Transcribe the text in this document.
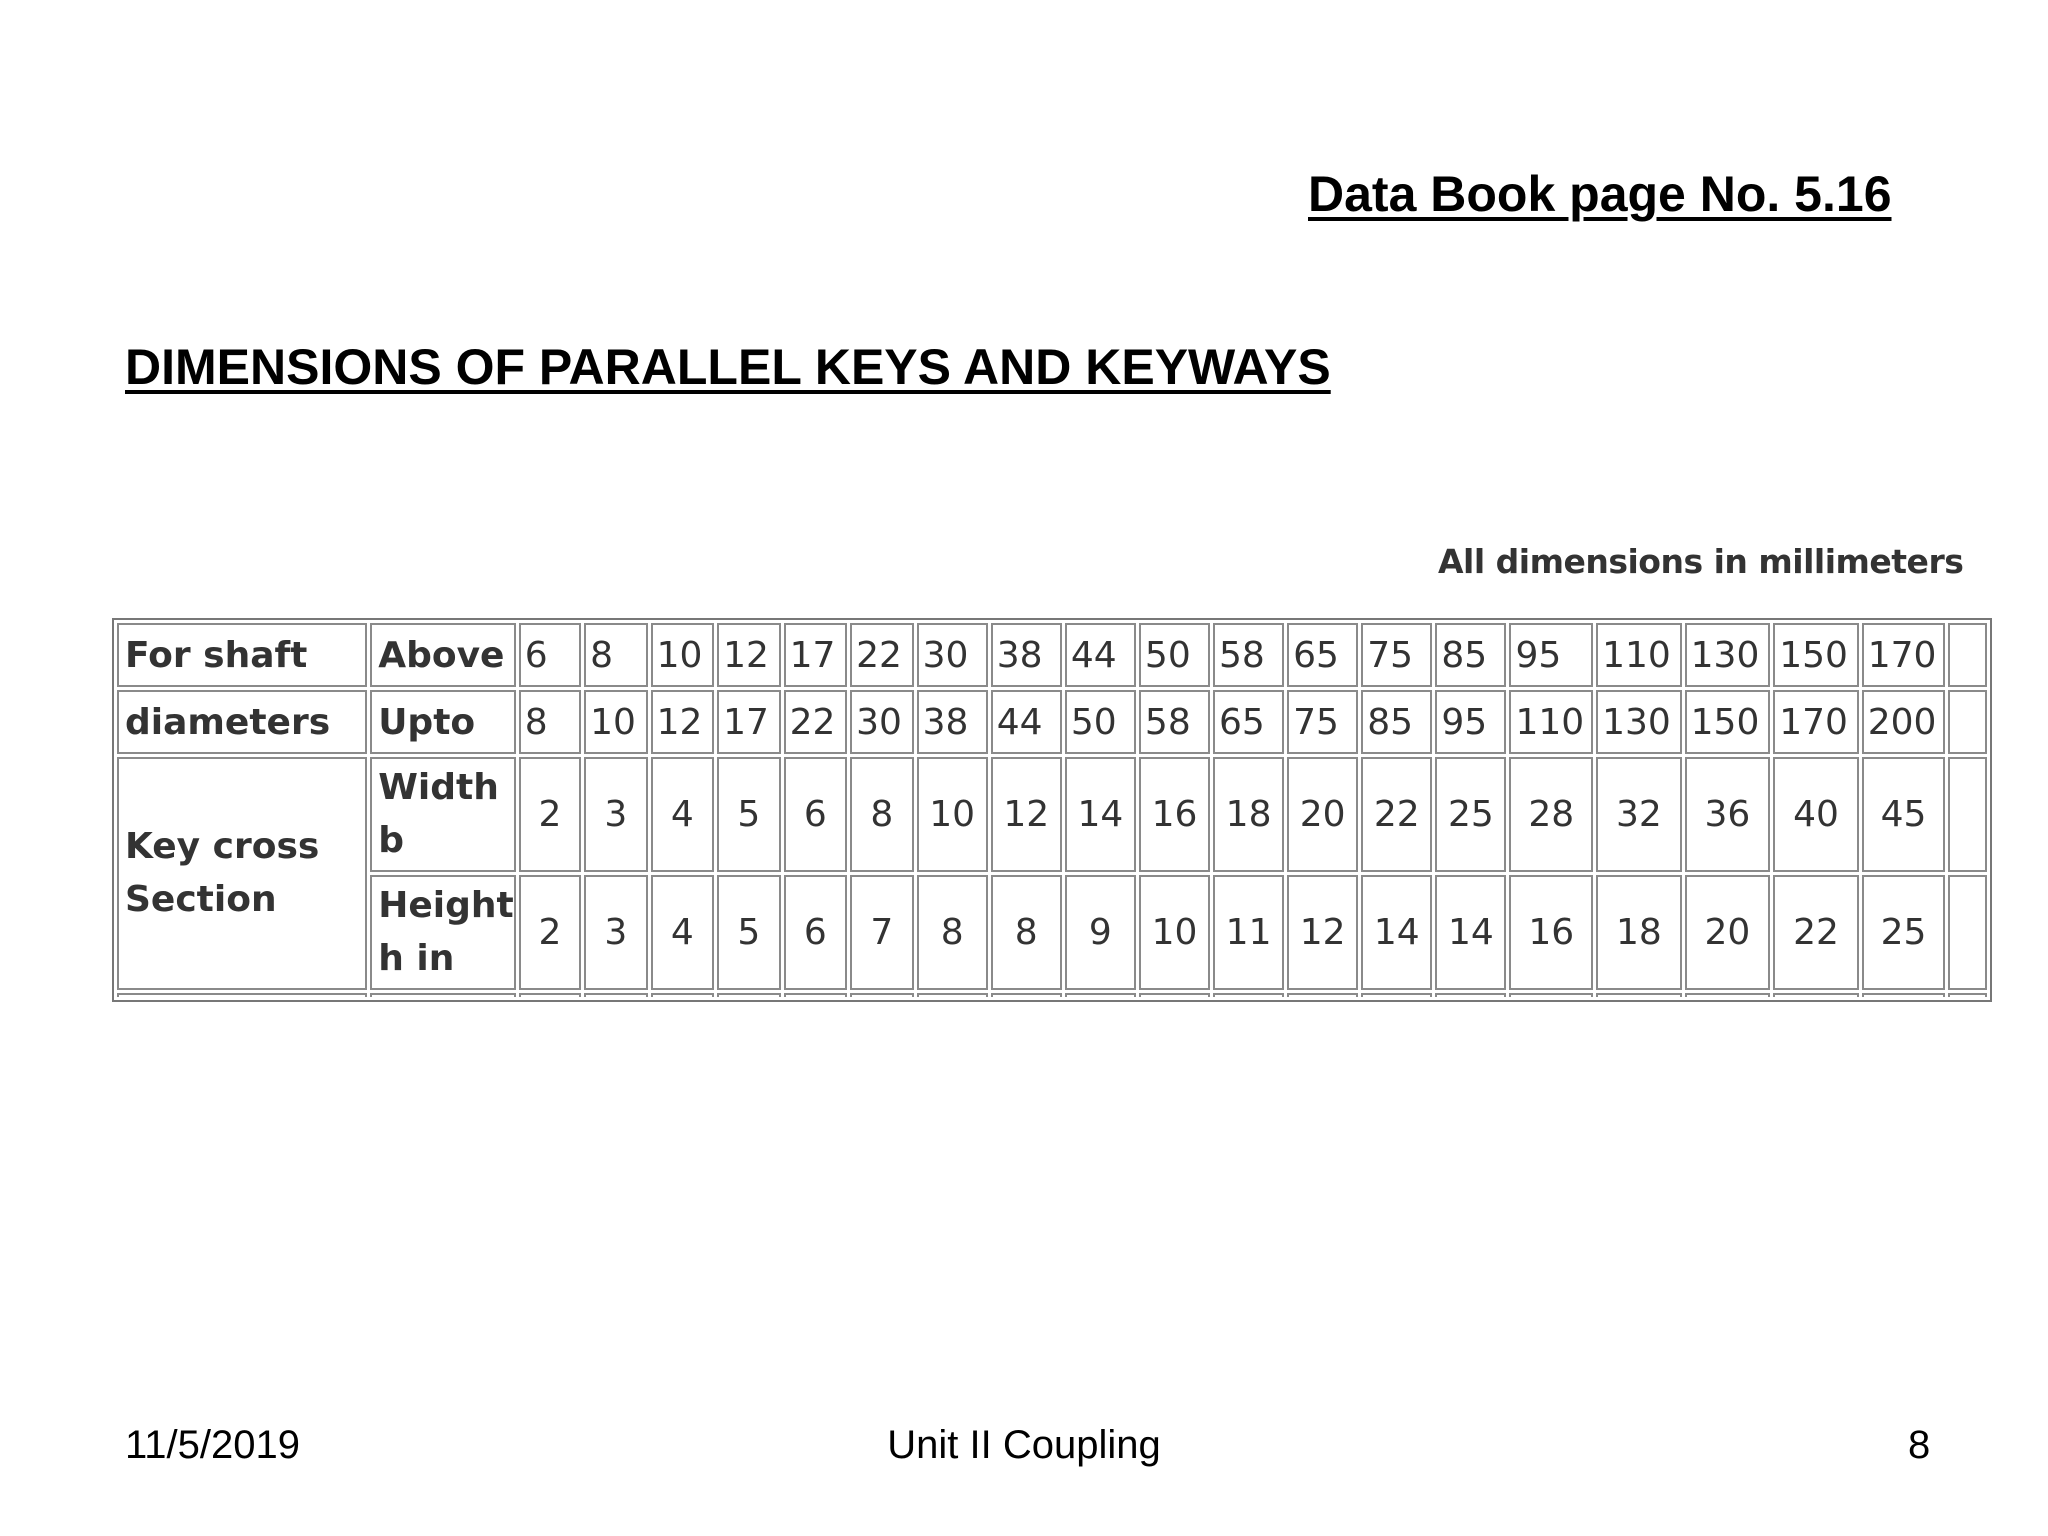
Data Book page No. 5.16
DIMENSIONS OF PARALLEL KEYS AND KEYWAYS
All dimensions in millimeters
For shaft	Above	6	8	10	12	17	22	30	38	44	50	58	65	75	85	95	110	130	150	170	
diameters	Upto	8	10	12	17	22	30	38	44	50	58	65	75	85	95	110	130	150	170	200	
Key cross Section	Width b	2	3	4	5	6	8	10	12	14	16	18	20	22	25	28	32	36	40	45	
	Height h in	2	3	4	5	6	7	8	8	9	10	11	12	14	14	16	18	20	22	25	

11/5/2019	Unit II Coupling	8
